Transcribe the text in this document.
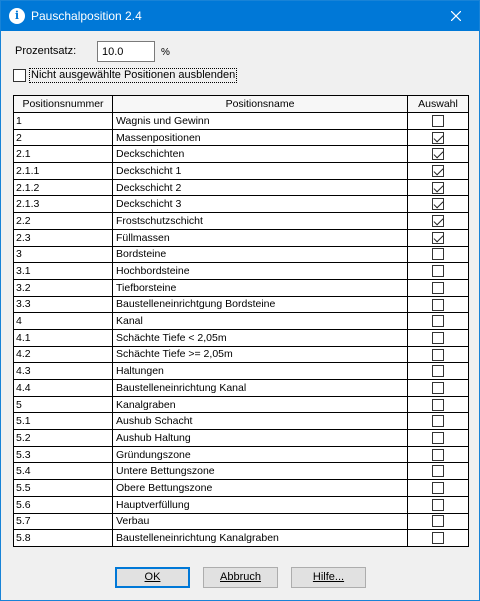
i Pauschalposition 2.4
Prozentsatz:
10.0	%
Nicht ausgewählte Positionen ausblenden
Positionsnummer	Positionsname	Auswahl
1	Wagnis und Gewinn	
2	Massenpositionen	
2.1	Deckschichten	
2.1.1	Deckschicht 1	
2.1.2	Deckschicht 2	
2.1.3	Deckschicht 3	
2.2	Frostschutzschicht	
2.3	Füllmassen	
3	Bordsteine	
3.1	Hochbordsteine	
3.2	Tiefborsteine	
3.3	Baustelleneinrichtgung Bordsteine	
4	Kanal	
4.1	Schächte Tiefe < 2,05m	
4.2	Schächte Tiefe >= 2,05m	
4.3	Haltungen	
4.4	Baustelleneinrichtung Kanal	
5	Kanalgraben	
5.1	Aushub Schacht	
5.2	Aushub Haltung	
5.3	Gründungszone	
5.4	Untere Bettungszone	
5.5	Obere Bettungszone	
5.6	Hauptverfüllung	
5.7	Verbau	
5.8	Baustelleneinrichtung Kanalgraben	
OK	Abbruch	Hilfe...
